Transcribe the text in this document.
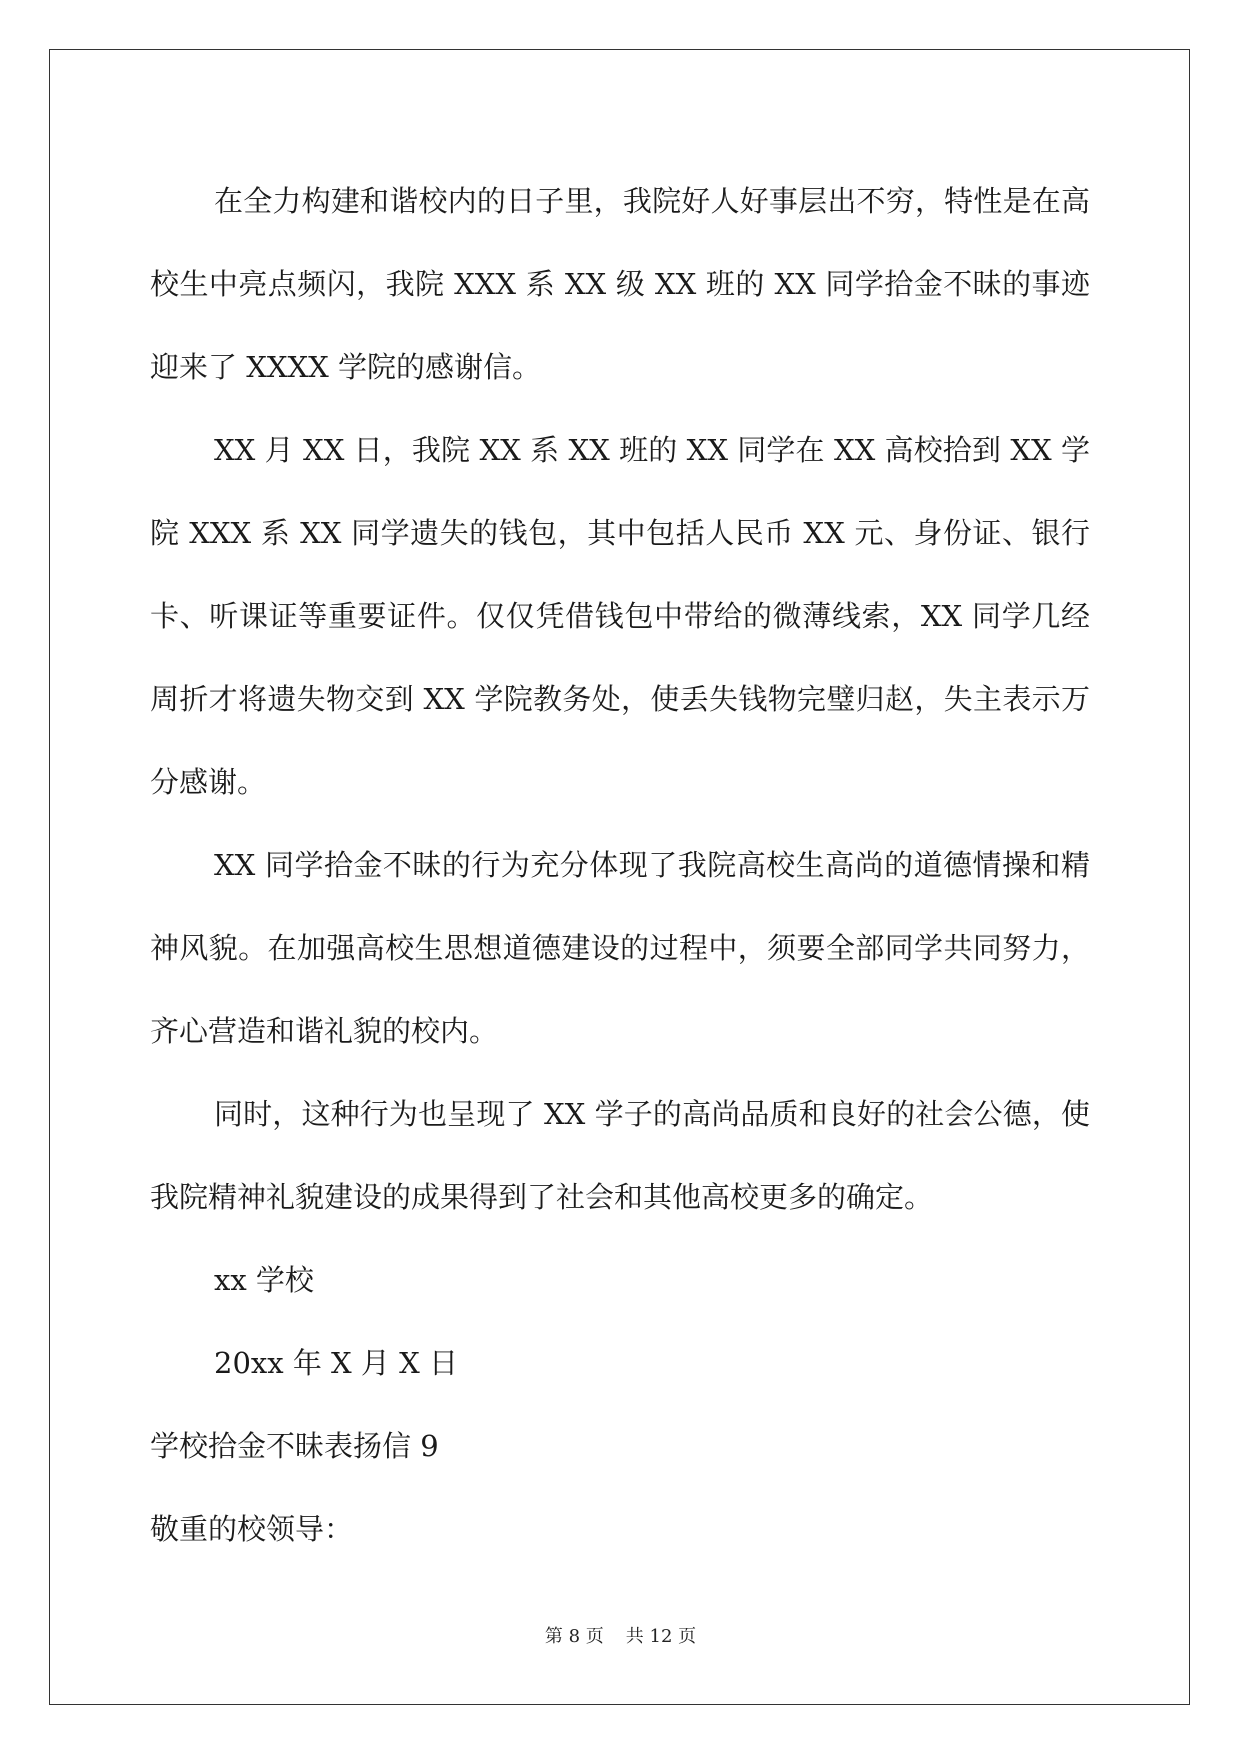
在全力构建和谐校内的日子里，我院好人好事层出不穷，特性是在高校生中亮点频闪，我院 XXX 系 XX 级 XX 班的 XX 同学拾金不昧的事迹迎来了 XXXX 学院的感谢信。

XX 月 XX 日，我院 XX 系 XX 班的 XX 同学在 XX 高校拾到 XX 学院 XXX 系 XX 同学遗失的钱包，其中包括人民币 XX 元、身份证、银行卡、听课证等重要证件。仅仅凭借钱包中带给的微薄线索，XX 同学几经周折才将遗失物交到 XX 学院教务处，使丢失钱物完璧归赵，失主表示万分感谢。

XX 同学拾金不昧的行为充分体现了我院高校生高尚的道德情操和精神风貌。在加强高校生思想道德建设的过程中，须要全部同学共同努力，齐心营造和谐礼貌的校内。

同时，这种行为也呈现了 XX 学子的高尚品质和良好的社会公德，使我院精神礼貌建设的成果得到了社会和其他高校更多的确定。

xx 学校

20xx 年 X 月 X 日

学校拾金不昧表扬信 9

敬重的校领导：

第 8 页 共 12 页
